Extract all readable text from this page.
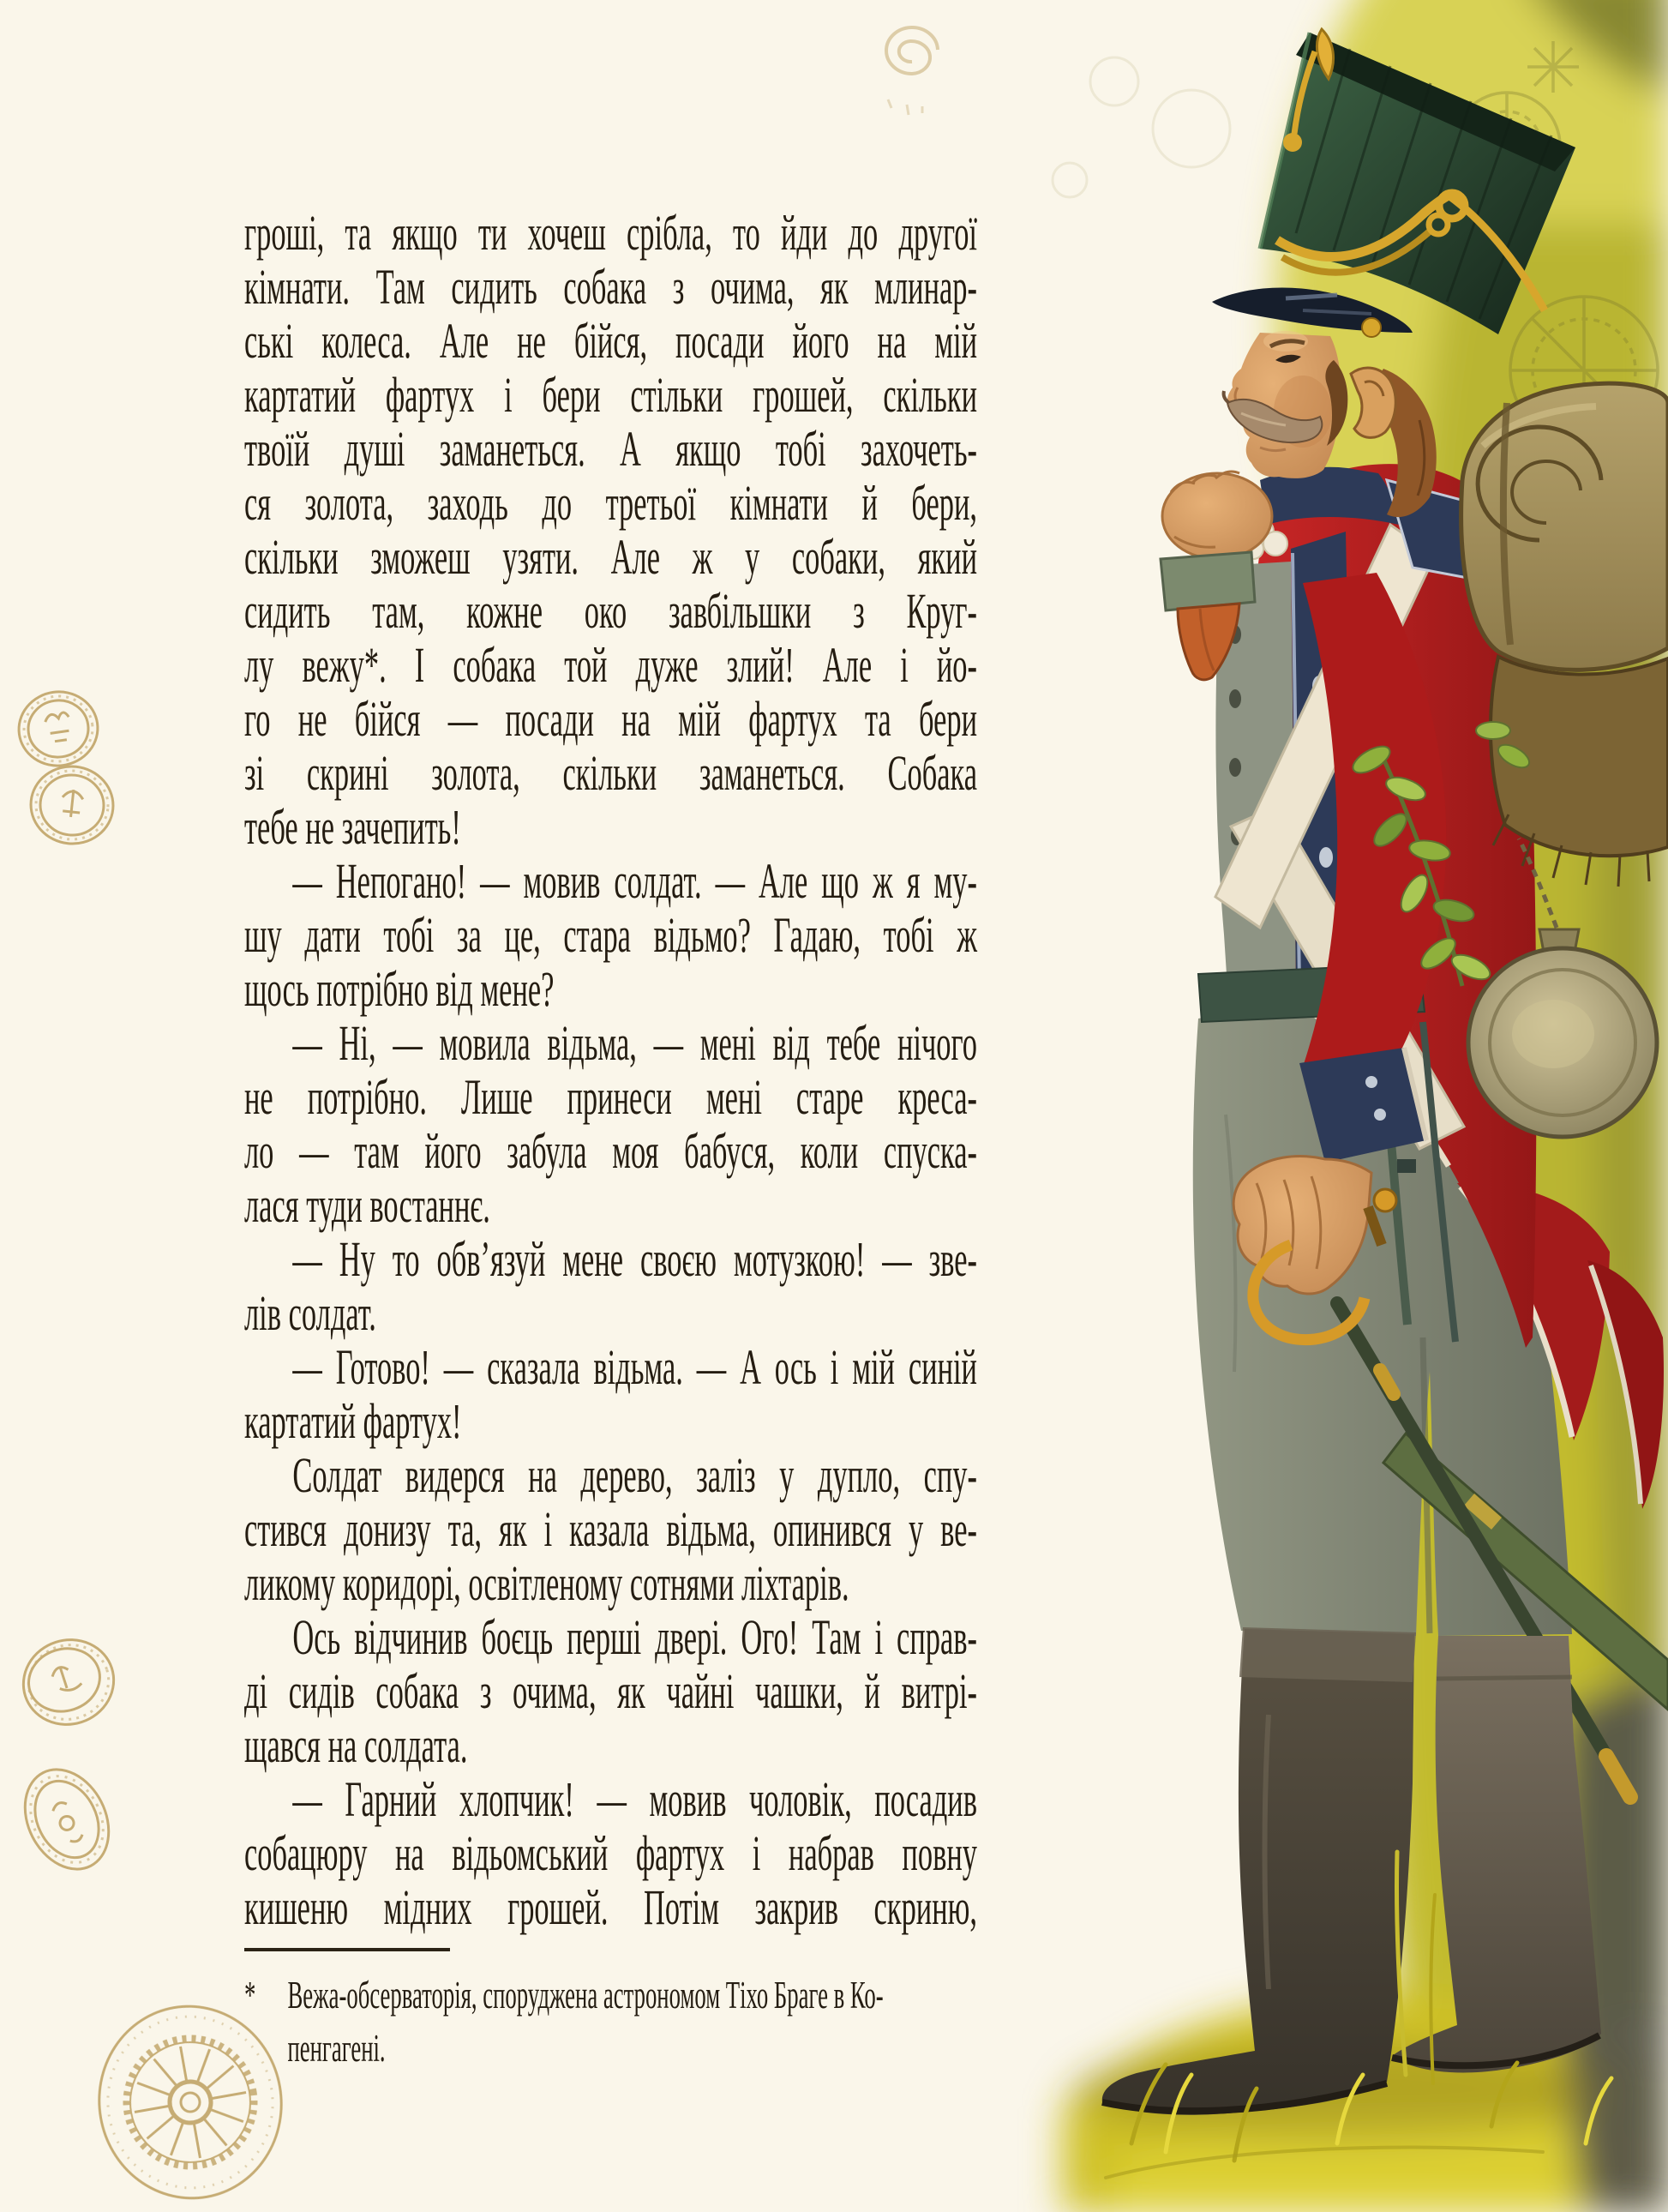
гроші, та якщо ти хочеш срібла, то йди до другої
кімнати. Там сидить собака з очима, як млинар-
ські колеса. Але не бійся, посади його на мій
картатий фартух і бери стільки грошей, скільки
твоїй душі заманеться. А якщо тобі захочеть-
ся золота, заходь до третьої кімнати й бери,
скільки зможеш узяти. Але ж у собаки, який
сидить там, кожне око завбільшки з Круг-
лу вежу*. І собака той дуже злий! Але і йо-
го не бійся — посади на мій фартух та бери
зі скрині золота, скільки заманеться. Собака
тебе не зачепить!
— Непогано! — мовив солдат. — Але що ж я му-
шу дати тобі за це, стара відьмо? Гадаю, тобі ж
щось потрібно від мене?
— Ні, — мовила відьма, — мені від тебе нічого
не потрібно. Лише принеси мені старе креса-
ло — там його забула моя бабуся, коли спуска-
лася туди востаннє.
— Ну то обв’язуй мене своєю мотузкою! — зве-
лів солдат.
— Готово! — сказала відьма. — А ось і мій синій
картатий фартух!
Солдат видерся на дерево, заліз у дупло, спу-
стився донизу та, як і казала відьма, опинився у ве-
ликому коридорі, освітленому сотнями ліхтарів.
Ось відчинив боєць перші двері. Ого! Там і справ-
ді сидів собака з очима, як чайні чашки, й витрі-
щався на солдата.
— Гарний хлопчик! — мовив чоловік, посадив
собацюру на відьомський фартух і набрав повну
кишеню мідних грошей. Потім закрив скриню,
* Вежа-обсерваторія, споруджена астрономом Тіхо Браге в Ко-
пенгагені.
